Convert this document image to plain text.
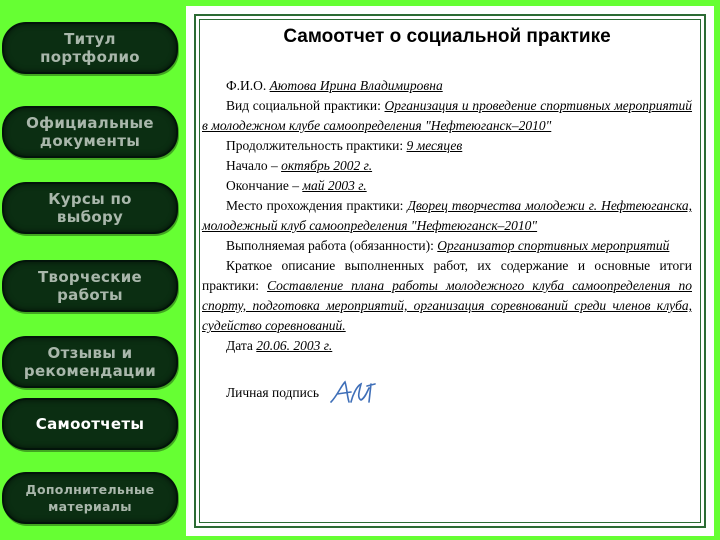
Титул
портфолио
Официальные
документы
Курсы по
выбору
Творческие
работы
Отзывы и
рекомендации
Самоотчеты
Дополнительные
материалы
Самоотчет о социальной практике

Ф.И.О. Аютова Ирина Владимировна

Вид социальной практики: Организация и проведение спортивных мероприятий в молодежном клубе самоопределения "Нефтеюганск–2010"

Продолжительность практики: 9 месяцев

Начало – октябрь 2002 г.

Окончание – май 2003 г.

Место прохождения практики: Дворец творчества молодежи г. Нефтеюганска, молодежный клуб самоопределения "Нефтеюганск–2010"

Выполняемая работа (обязанности): Организатор спортивных мероприятий

Краткое описание выполненных работ, их содержание и основные итоги практики: Составление плана работы молодежного клуба самоопределения по спорту, подготовка мероприятий, организация соревнований среди членов клуба, судейство соревнований.

Дата 20.06. 2003 г.

Личная подпись
